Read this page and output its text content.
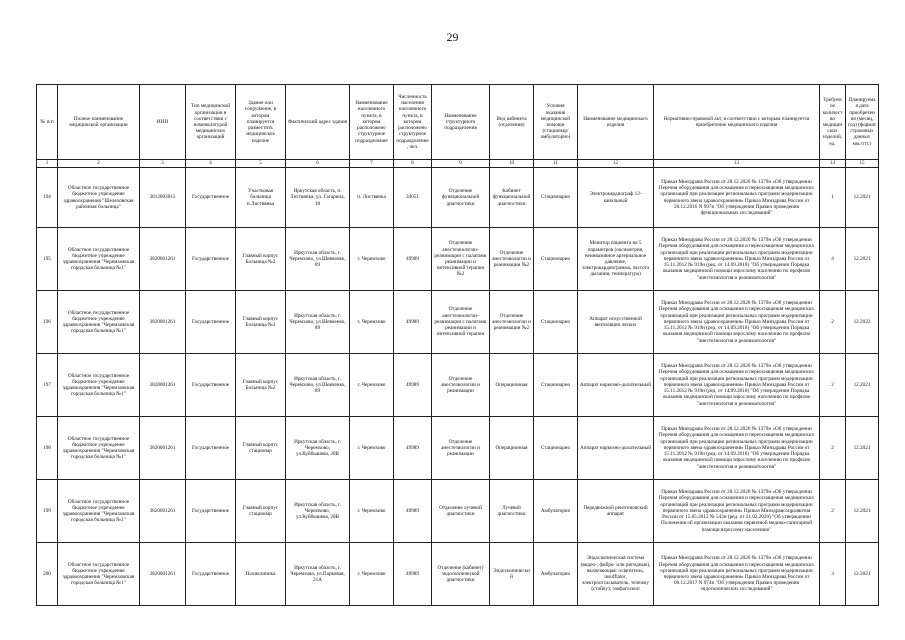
29
№ п/п	Полное наименование медицинской организации	ИНН	Тип медицинской организации в соответствии с номенклатурой медицинских организаций	Здание или сооружение, в котором планируется разместить медицинское изделие	Фактический адрес здания	Наименование населенного пункта, в котором расположено структурное подразделение	Численность населения населенного пункта, в котором расположено структурное подразделение, чел.	Наименование структурного подразделения	Вид кабинета (отделения)	Условия оказания медицинской помощи (стационар/амбулаторно)	Наименование медицинского изделия	Нормативно-правовой акт, в соответствии с которым планируется приобретение медицинского изделия	Требуемое количество медицинских изделий, ед.	Планируемая дата приобретения (месяц, год) (формат строковых данных мм.гггг.)
1	2	3	4	5	6	7	8	9	10	11	12	13	14	15
194	Областное государственное бюджетное учреждение здравоохранения "Шелеховская районная больница"	3812003015	Государственное	Участковая больница п.Листвянка	Иркутская область, п. Листвянка, ул. Гагарина, 18	п. Листвянка	34651	Отделение функциональной диагностики	Кабинет функциональной диагностики	Стационарно	Электрокардиограф 12-канальный	Приказ Минздрава России от 28.12.2020 № 1379н «Об утверждении Перечня оборудования для оснащения и переоснащения медицинских организаций при реализации региональных программ модернизации первичного звена здравоохранения» Приказ Минздрава России от 26.12.2016 N 997н "Об утверждении Правил проведения функциональных исследований"	1	12.2021
195	Областное государственное бюджетное учреждение здравоохранения "Черемховская городская больница №1"	3820001261	Государственное	Главный корпус Больница №2	Иркутская область, г. Черемхово, ул.Шевченко, 89	г. Черемхово	49989	Отделение анестезиологии-реанимации с палатами реанимации и интенсивной терапии №2	Отделение анестезиологии и реанимации №2	Стационарно	Монитор пациента на 5 параметров (оксиметрия, неинвазивное артериальное давление, электрокардиограмма, частота дыхания, температура)	Приказ Минздрава России от 28.12.2020 № 1379н «Об утверждении Перечня оборудования для оснащения и переоснащения медицинских организаций при реализации региональных программ модернизации первичного звена здравоохранения» Приказ Минздрава России от 15.11.2012 № 919н (ред. от 14.09.2018) "Об утверждении Порядка оказания медицинской помощи взрослому населению по профилю "анестезиология и реаниматология"	4	12.2021
196	Областное государственное бюджетное учреждение здравоохранения "Черемховская городская больница №1"	3820001261	Государственное	Главный корпус Больница №2	Иркутская область, г. Черемхово, ул.Шевченко, 89	г. Черемхово	49989	Отделение анестезиологии-реанимации с палатами реанимации и интенсивной терапии	Отделение анестезиологии и реанимации №2	Стационарно	Аппарат искусственной вентиляции легких	Приказ Минздрава России от 28.12.2020 № 1379н «Об утверждении Перечня оборудования для оснащения и переоснащения медицинских организаций при реализации региональных программ модернизации первичного звена здравоохранения» Приказ Минздрава России от 15.11.2012 № 919н (ред. от 14.09.2018) "Об утверждении Порядка оказания медицинской помощи взрослому населению по профилю "анестезиология и реаниматология"	2	12.2022
197	Областное государственное бюджетное учреждение здравоохранения "Черемховская городская больница №1"	3820001261	Государственное	Главный корпус Больница №2	Иркутская область, г. Черемхово, ул.Шевченко, 89	г. Черемхово	49989	Отделение анестезиологии и реанимации	Операционная	Стационарно	Аппарат наркозно-дыхательный	Приказ Минздрава России от 28.12.2020 № 1379н «Об утверждении Перечня оборудования для оснащения и переоснащения медицинских организаций при реализации региональных программ модернизации первичного звена здравоохранения» Приказ Минздрава России от 15.11.2012 № 919н (ред. от 14.09.2018) "Об утверждении Порядка оказания медицинской помощи взрослому населению по профилю "анестезиология и реаниматология"	2	12.2021
198	Областное государственное бюджетное учреждение здравоохранения "Черемховская городская больница №1"	3820001261	Государственное	Главный корпус стационар	Иркутская область, г. Черемхово, ул.Куйбышева, 28В	г. Черемхово	49989	Отделение анестезиологии и реанимации	Операционная	Стационарно	Аппарат наркозно-дыхательный	Приказ Минздрава России от 28.12.2020 № 1379н «Об утверждении Перечня оборудования для оснащения и переоснащения медицинских организаций при реализации региональных программ модернизации первичного звена здравоохранения» Приказ Минздрава России от 15.11.2012 № 919н (ред. от 14.09.2018) "Об утверждении Порядка оказания медицинской помощи взрослому населению по профилю "анестезиология и реаниматология"	2	12.2021
199	Областное государственное бюджетное учреждение здравоохранения "Черемховская городская больница №1"	3820001261	Государственное	Главный корпус стационар	Иркутская область, г. Черемхово, ул.Куйбышева, 28В	г. Черемхово	49989	Отделение лучевой диагностики	Лучевой диагностики	Амбулаторно	Передвижной рентгеновский аппарат	Приказ Минздрава России от 28.12.2020 № 1379н «Об утверждении Перечня оборудования для оснащения и переоснащения медицинских организаций при реализации региональных программ модернизации первичного звена здравоохранения» Приказ Минздравсоцразвития России от 15.05.2012 № 543н (ред. от 21.02.2020) "Об утверждении Положения об организации оказания первичной медико-санитарной помощи взрослому населению"	2	12.2021
200	Областное государственное бюджетное учреждение здравоохранения "Черемховская городская больница №1"	3820001261	Государственное	Поликлиника	Иркутская область, г. Черемхово, ул.Парковая, 21А	г. Черемхово	49989	Отделение (кабинет) эндоскопической диагностики	Эндоскопический	Амбулаторно	Эндоскопическая система (видео-, фибро- или ригидные), включающая: осветитель, insufflator, электроотсасыватель, тележку (стойку); эзофагоскоп	Приказ Минздрава России от 28.12.2020 № 1379н «Об утверждении Перечня оборудования для оснащения и переоснащения медицинских организаций при реализации региональных программ модернизации первичного звена здравоохранения» Приказ Минздрава России от 06.12.2017 N 974н "Об утверждении Правил проведения эндоскопических исследований"	3	12.2021
